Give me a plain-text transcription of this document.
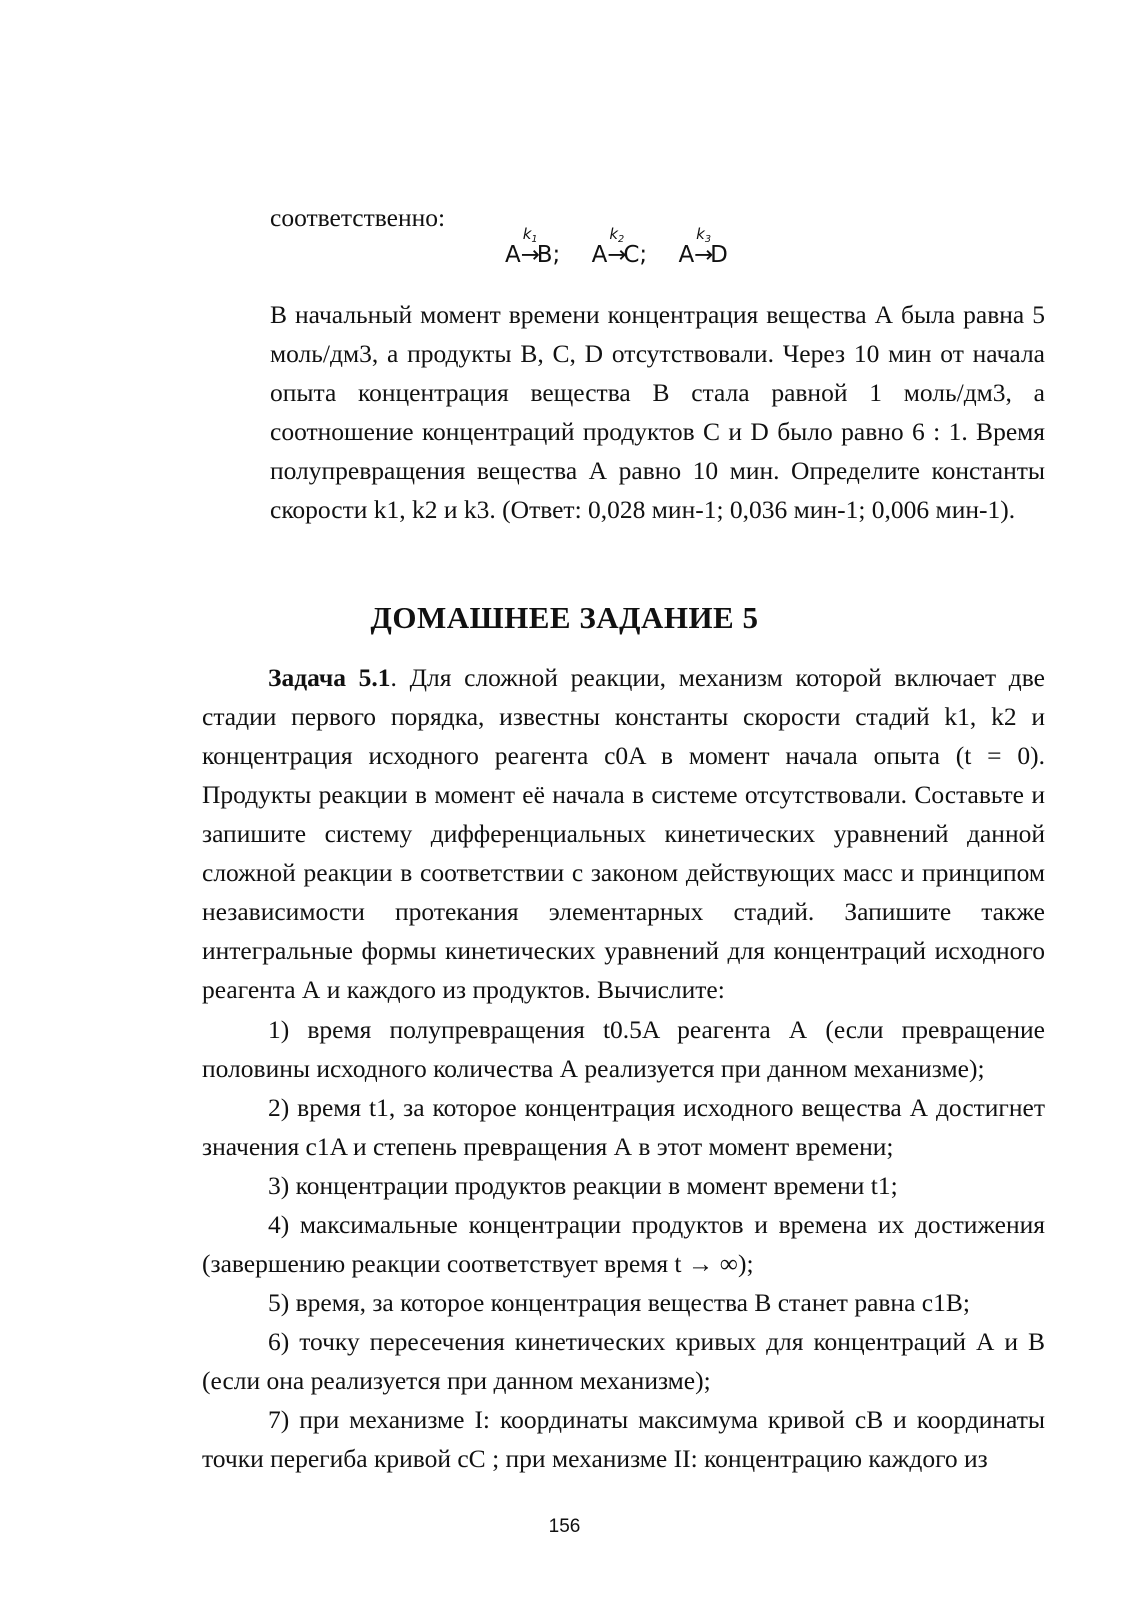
соответственно:

A→
$k_1$
B; A→
$k_2$
C; A→
$k_3$
D

В начальный момент времени концентрация вещества А была равна 5 моль/дм3, а продукты В, С, D отсутствовали. Через 10 мин от начала опыта концентрация вещества В стала равной 1 моль/дм3, а соотношение концентраций продуктов С и D было равно 6 : 1. Время полупревращения вещества А равно 10 мин. Определите константы скорости k1, k2 и k3. (Ответ: 0,028 мин-1; 0,036 мин-1; 0,006 мин-1).

ДОМАШНЕЕ ЗАДАНИЕ 5

Задача 5.1. Для сложной реакции, механизм которой включает две стадии первого порядка, известны константы скорости стадий k1, k2 и концентрация исходного реагента c0A в момент начала опыта (t = 0). Продукты реакции в момент её начала в системе отсутствовали. Составьте и запишите систему дифференциальных кинетических уравнений данной сложной реакции в соответствии с законом действующих масс и принципом независимости протекания элементарных стадий. Запишите также интегральные формы кинетических уравнений для концентраций исходного реагента А и каждого из продуктов. Вычислите:

1) время полупревращения t0.5A реагента А (если превращение половины исходного количества А реализуется при данном механизме);

2) время t1, за которое концентрация исходного вещества А достигнет значения c1A и степень превращения А в этот момент времени;

3) концентрации продуктов реакции в момент времени t1;

4) максимальные концентрации продуктов и времена их достижения (завершению реакции соответствует время t → ∞);

5) время, за которое концентрация вещества В станет равна c1B;

6) точку пересечения кинетических кривых для концентраций А и В (если она реализуется при данном механизме);

7) при механизме I: координаты максимума кривой cB и координаты точки перегиба кривой cC ; при механизме II: концентрацию каждого из

156
